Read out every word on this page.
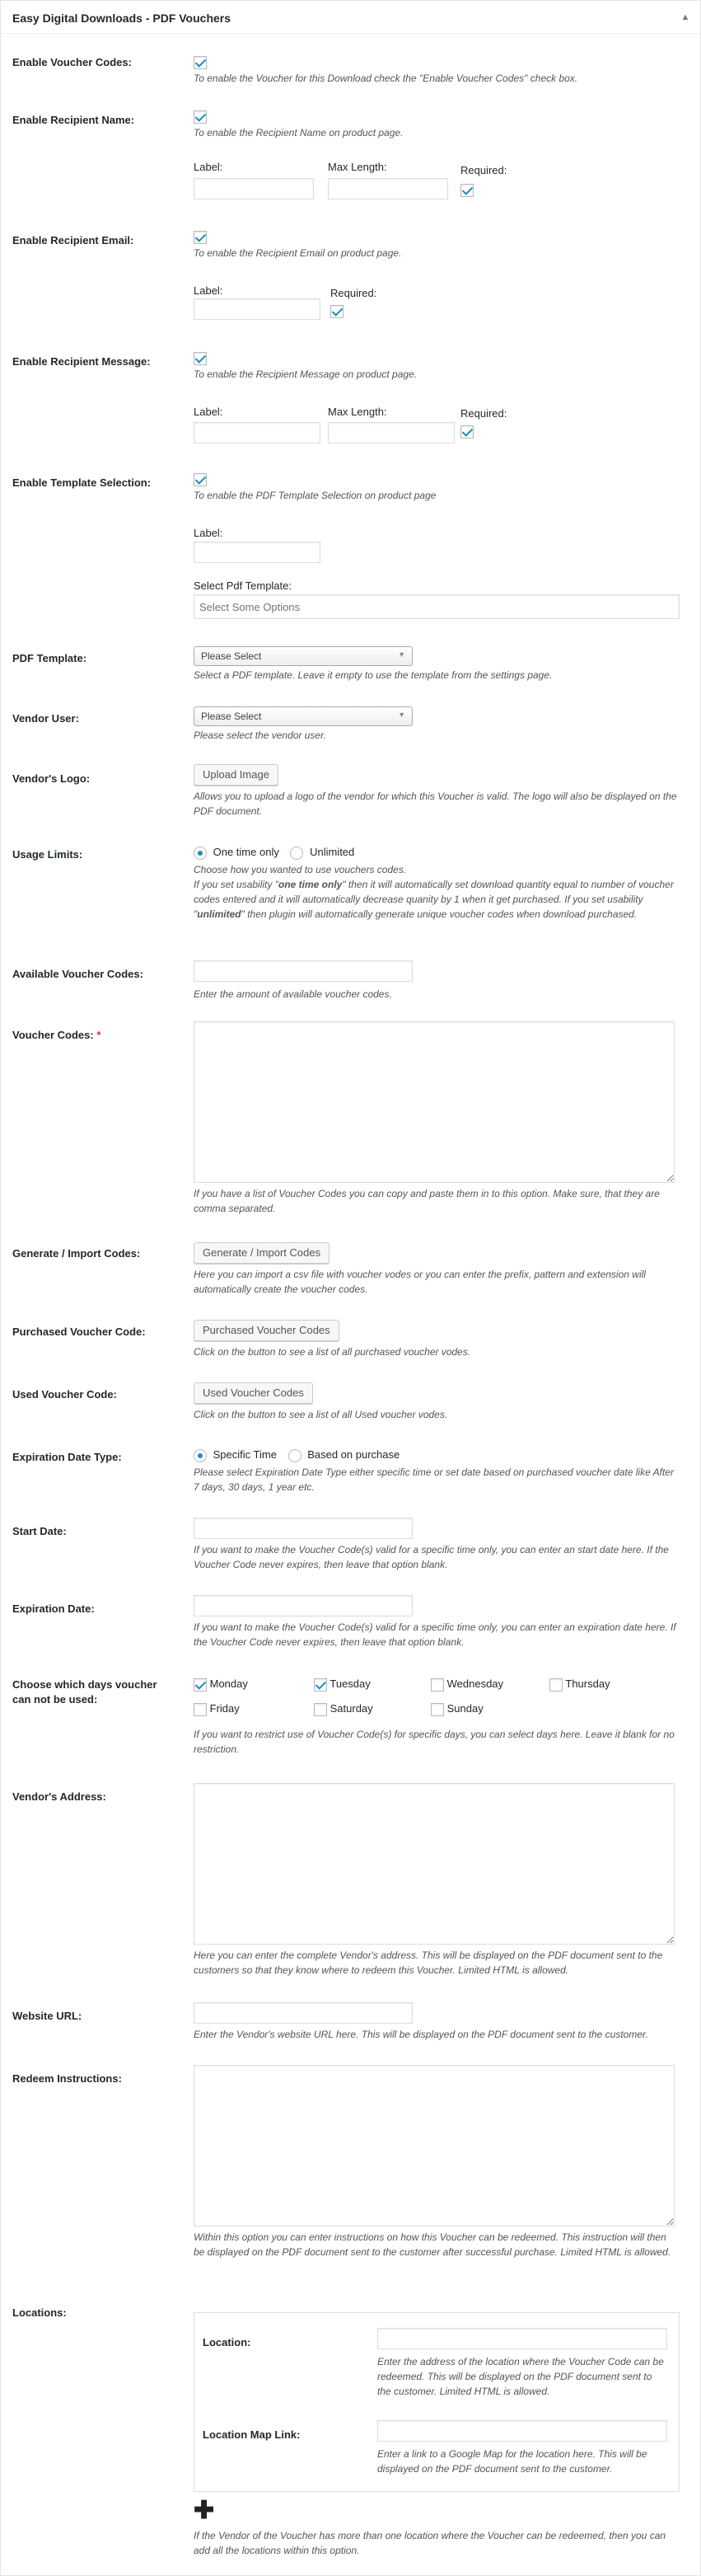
Easy Digital Downloads - PDF Vouchers	▲
Enable Voucher Codes:
To enable the Voucher for this Download check the "Enable Voucher Codes" check box.
Enable Recipient Name:
To enable the Recipient Name on product page.
Label:	Max Length:	Required:
Enable Recipient Email:
To enable the Recipient Email on product page.
Label:	Required:
Enable Recipient Message:
To enable the Recipient Message on product page.
Label:	Max Length:	Required:
Enable Template Selection:
To enable the PDF Template Selection on product page
Label:
Select Pdf Template:
Select Some Options
PDF Template:	Please Select	▼
Select a PDF template. Leave it empty to use the template from the settings page.
Vendor User:	Please Select	▼
Please select the vendor user.
Vendor's Logo:	Upload Image
Allows you to upload a logo of the vendor for which this Voucher is valid. The logo will also be displayed on the PDF document.
Usage Limits:	One time only	Unlimited
Choose how you wanted to use vouchers codes.
If you set usability "one time only" then it will automatically set download quantity equal to number of voucher codes entered and it will automatically decrease quanity by 1 when it get purchased. If you set usability "unlimited" then plugin will automatically generate unique voucher codes when download purchased.
Available Voucher Codes:
Enter the amount of available voucher codes.
Voucher Codes: *
If you have a list of Voucher Codes you can copy and paste them in to this option. Make sure, that they are comma separated.
Generate / Import Codes:	Generate / Import Codes
Here you can import a csv file with voucher vodes or you can enter the prefix, pattern and extension will automatically create the voucher codes.
Purchased Voucher Code:	Purchased Voucher Codes
Click on the button to see a list of all purchased voucher vodes.
Used Voucher Code:	Used Voucher Codes
Click on the button to see a list of all Used voucher vodes.
Expiration Date Type:	Specific Time	Based on purchase
Please select Expiration Date Type either specific time or set date based on purchased voucher date like After 7 days, 30 days, 1 year etc.
Start Date:
If you want to make the Voucher Code(s) valid for a specific time only, you can enter an start date here. If the Voucher Code never expires, then leave that option blank.
Expiration Date:
If you want to make the Voucher Code(s) valid for a specific time only, you can enter an expiration date here. If the Voucher Code never expires, then leave that option blank.
Choose which days voucher can not be used:
Monday	Tuesday	Wednesday	Thursday
Friday	Saturday	Sunday
If you want to restrict use of Voucher Code(s) for specific days, you can select days here. Leave it blank for no restriction.
Vendor's Address:
Here you can enter the complete Vendor's address. This will be displayed on the PDF document sent to the customers so that they know where to redeem this Voucher. Limited HTML is allowed.
Website URL:
Enter the Vendor's website URL here. This will be displayed on the PDF document sent to the customer.
Redeem Instructions:
Within this option you can enter instructions on how this Voucher can be redeemed. This instruction will then be displayed on the PDF document sent to the customer after successful purchase. Limited HTML is allowed.
Locations:
Location:
Enter the address of the location where the Voucher Code can be redeemed. This will be displayed on the PDF document sent to the customer. Limited HTML is allowed.
Location Map Link:
Enter a link to a Google Map for the location here. This will be displayed on the PDF document sent to the customer.
✚
If the Vendor of the Voucher has more than one location where the Voucher can be redeemed, then you can add all the locations within this option.
